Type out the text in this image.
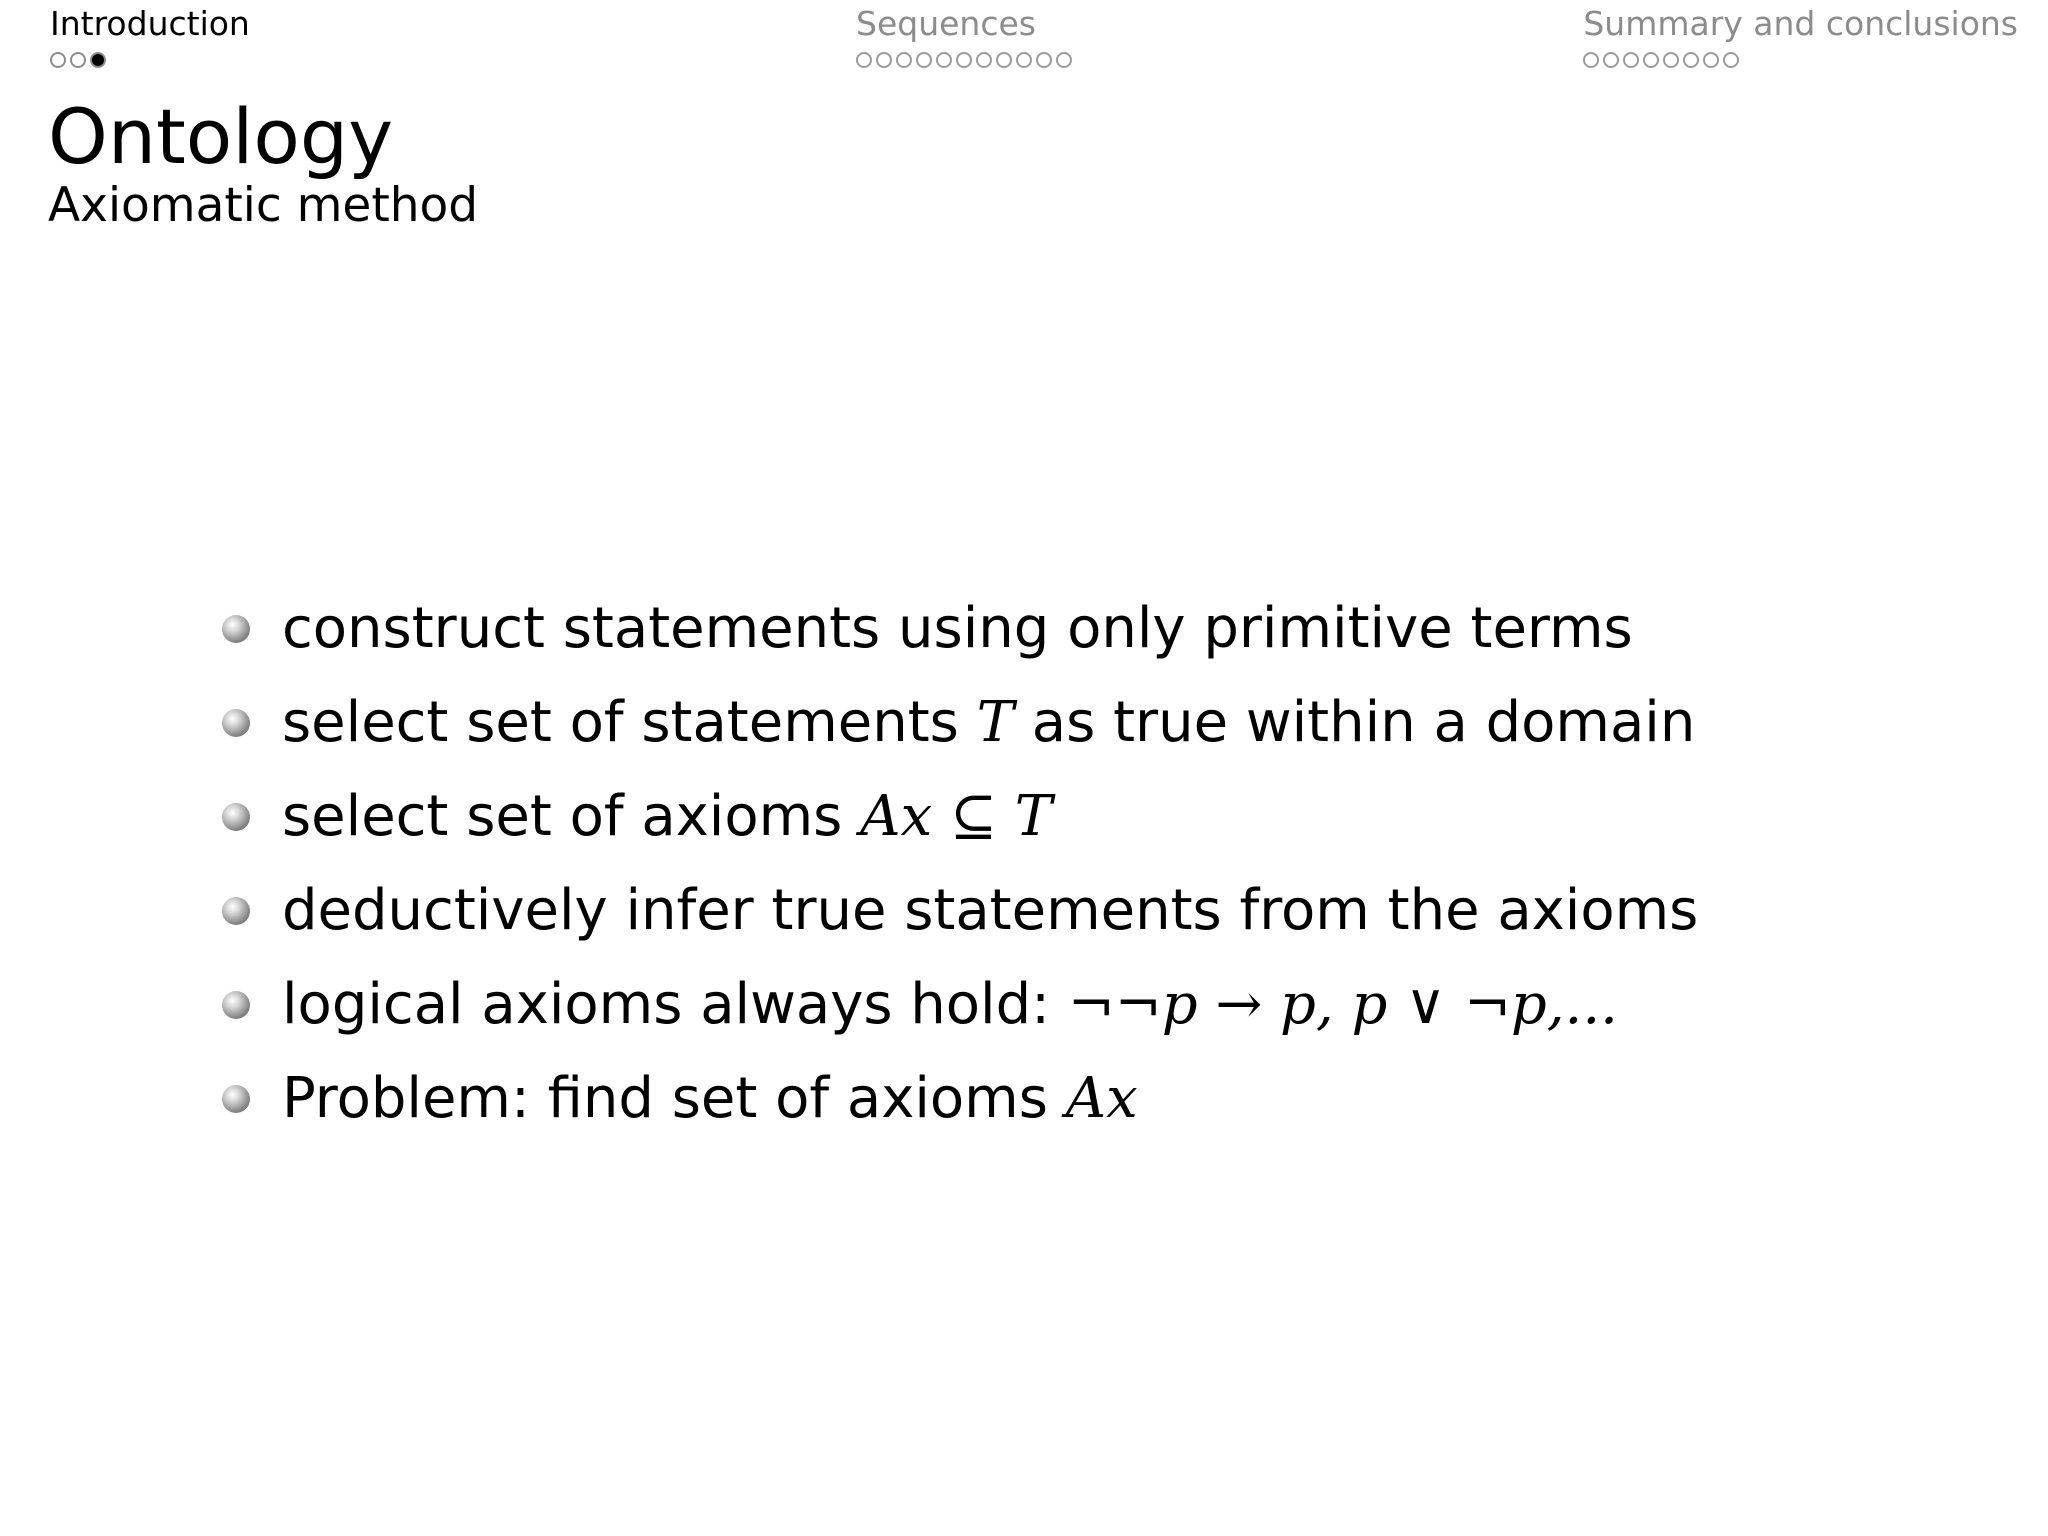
Introduction	Sequences	Summary and conclusions
Ontology

Axiomatic method

construct statements using only primitive terms
select set of statements T as true within a domain
select set of axioms Ax ⊆ T
deductively infer true statements from the axioms
logical axioms always hold: ¬¬p → p, p ∨ ¬p,...
Problem: find set of axioms Ax
